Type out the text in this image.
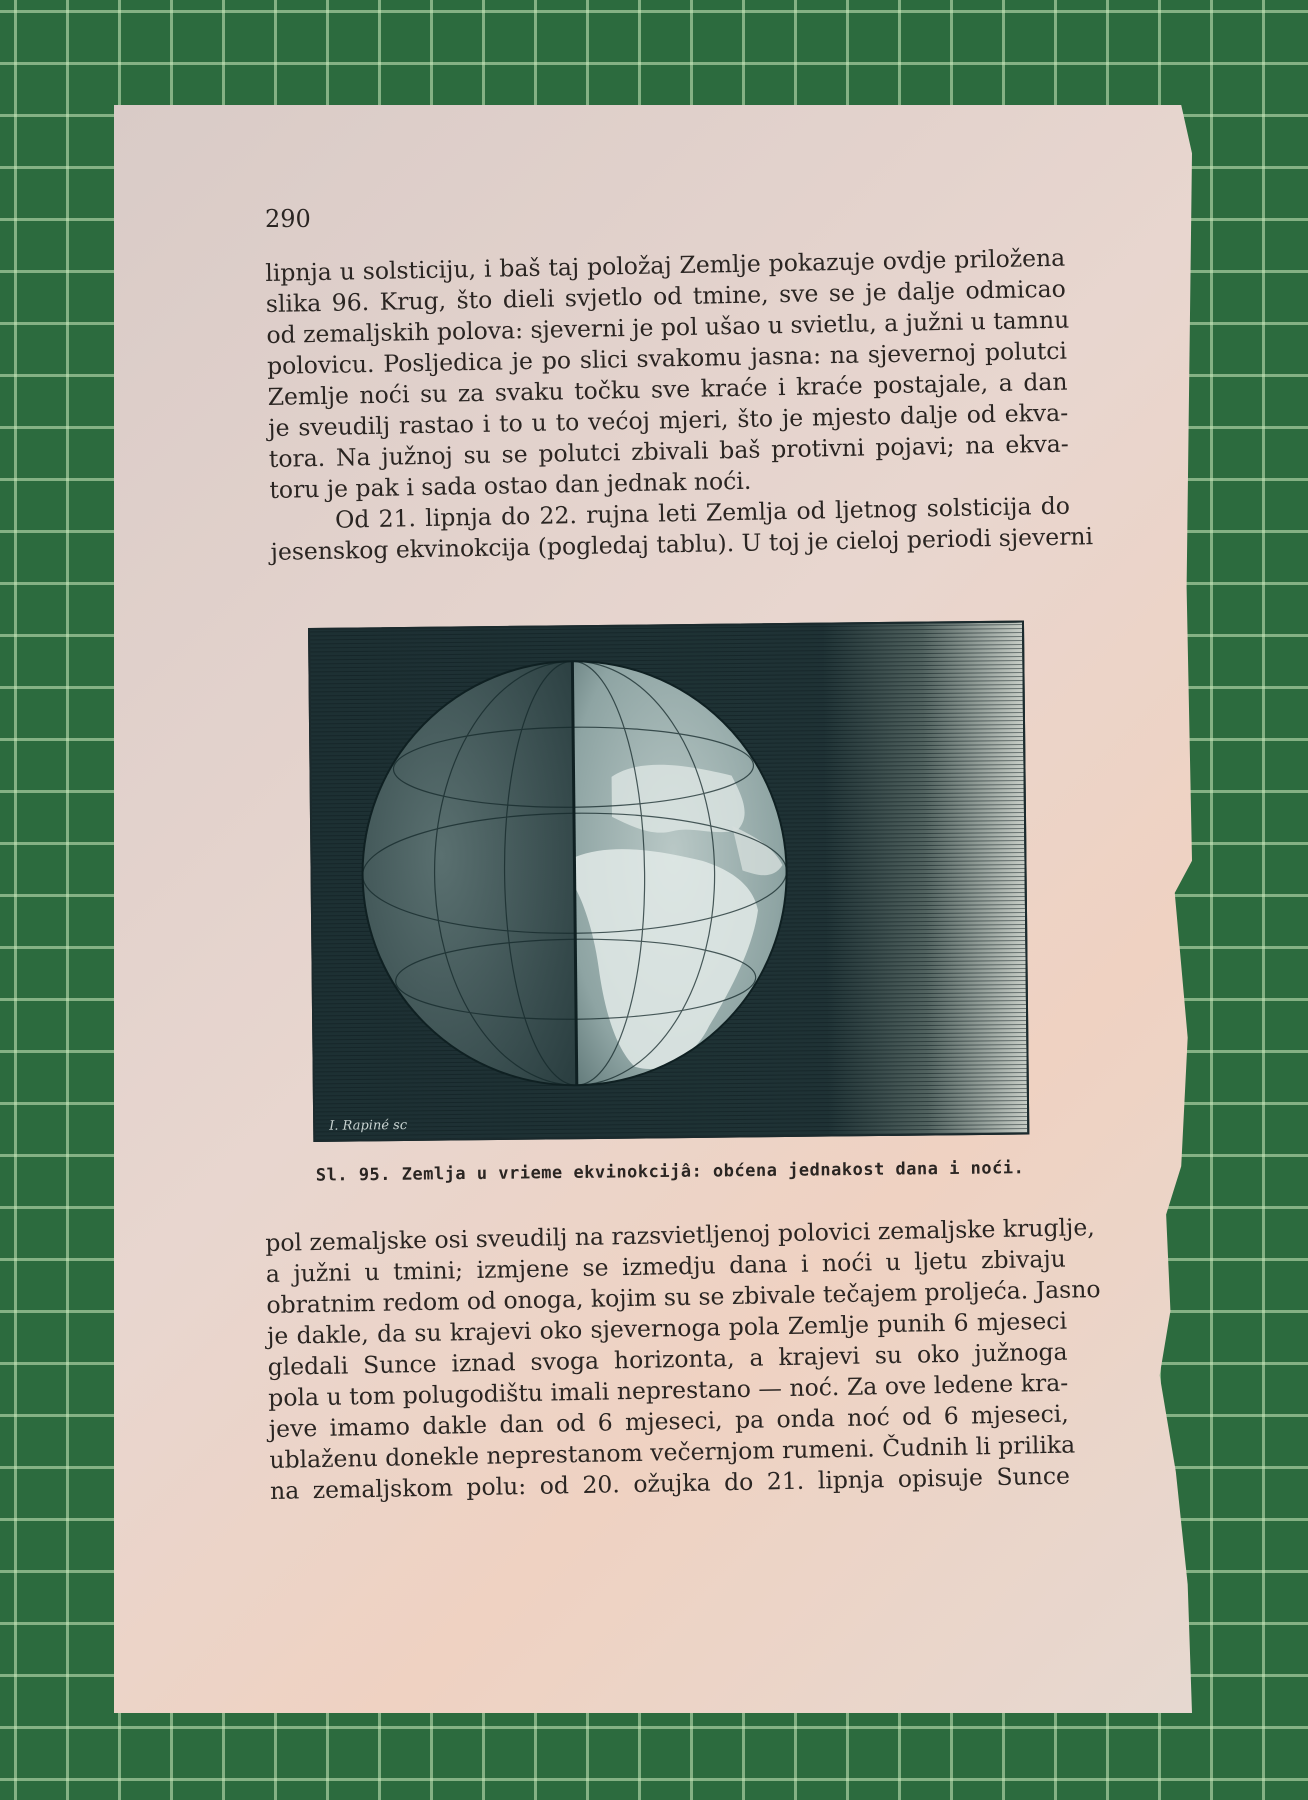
290
lipnja u solsticiju, i baš taj položaj Zemlje pokazuje ovdje priložena
slika 96. Krug, što dieli svjetlo od tmine, sve se je dalje odmicao
od zemaljskih polova: sjeverni je pol ušao u svietlu, a južni u tamnu
polovicu. Posljedica je po slici svakomu jasna: na sjevernoj polutci
Zemlje noći su za svaku točku sve kraće i kraće postajale, a dan
je sveudilj rastao i to u to većoj mjeri, što je mjesto dalje od ekva-
tora. Na južnoj su se polutci zbivali baš protivni pojavi; na ekva-
toru je pak i sada ostao dan jednak noći.
Od 21. lipnja do 22. rujna leti Zemlja od ljetnog solsticija do
jesenskog ekvinokcija (pogledaj tablu). U toj je cieloj periodi sjeverni
I. Rapiné sc
Sl. 95. Zemlja u vrieme ekvinokcijâ: obćena jednakost dana i noći.
pol zemaljske osi sveudilj na razsvietljenoj polovici zemaljske kruglje,
a južni u tmini; izmjene se izmedju dana i noći u ljetu zbivaju
obratnim redom od onoga, kojim su se zbivale tečajem proljeća. Jasno
je dakle, da su krajevi oko sjevernoga pola Zemlje punih 6 mjeseci
gledali Sunce iznad svoga horizonta, a krajevi su oko južnoga
pola u tom polugodištu imali neprestano — noć. Za ove ledene kra-
jeve imamo dakle dan od 6 mjeseci, pa onda noć od 6 mjeseci,
ublaženu donekle neprestanom večernjom rumeni. Čudnih li prilika
na zemaljskom polu: od 20. ožujka do 21. lipnja opisuje Sunce
